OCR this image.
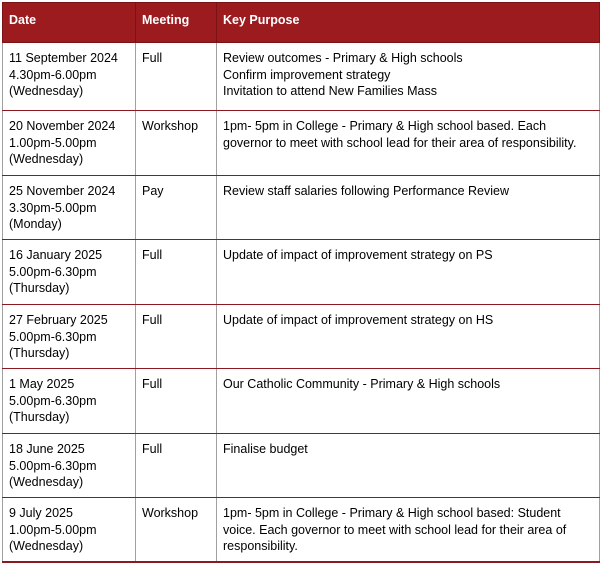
Date	Meeting	Key Purpose

11 September 2024
4.30pm-6.00pm
(Wednesday)	Full	Review outcomes - Primary & High schools
Confirm improvement strategy
Invitation to attend New Families Mass

20 November 2024
1.00pm-5.00pm
(Wednesday)	Workshop	1pm- 5pm in College - Primary & High school based. Each governor to meet with school lead for their area of responsibility.

25 November 2024
3.30pm-5.00pm
(Monday)	Pay	Review staff salaries following Performance Review

16 January 2025
5.00pm-6.30pm
(Thursday)	Full	Update of impact of improvement strategy on PS

27 February 2025
5.00pm-6.30pm
(Thursday)	Full	Update of impact of improvement strategy on HS

1 May 2025
5.00pm-6.30pm
(Thursday)	Full	Our Catholic Community - Primary & High schools

18 June 2025
5.00pm-6.30pm
(Wednesday)	Full	Finalise budget

9 July 2025
1.00pm-5.00pm
(Wednesday)	Workshop	1pm- 5pm in College - Primary & High school based: Student voice. Each governor to meet with school lead for their area of responsibility.
